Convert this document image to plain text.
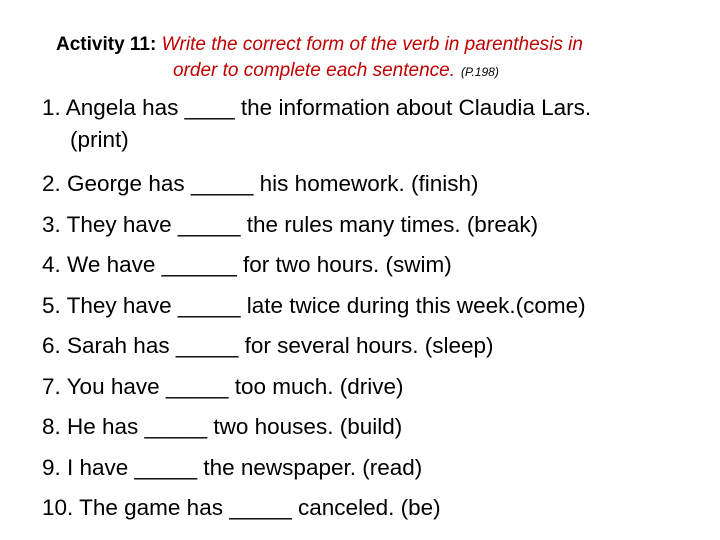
Activity 11: Write the correct form of the verb in parenthesis in
order to complete each sentence. (P.198)
1. Angela has ____ the information about Claudia Lars.
(print)
2. George has _____ his homework. (finish)
3. They have _____ the rules many times. (break)
4. We have ______ for two hours. (swim)
5. They have _____ late twice during this week.(come)
6. Sarah has _____ for several hours. (sleep)
7. You have _____ too much. (drive)
8. He has _____ two houses. (build)
9. I have _____ the newspaper. (read)
10. The game has _____ canceled. (be)
